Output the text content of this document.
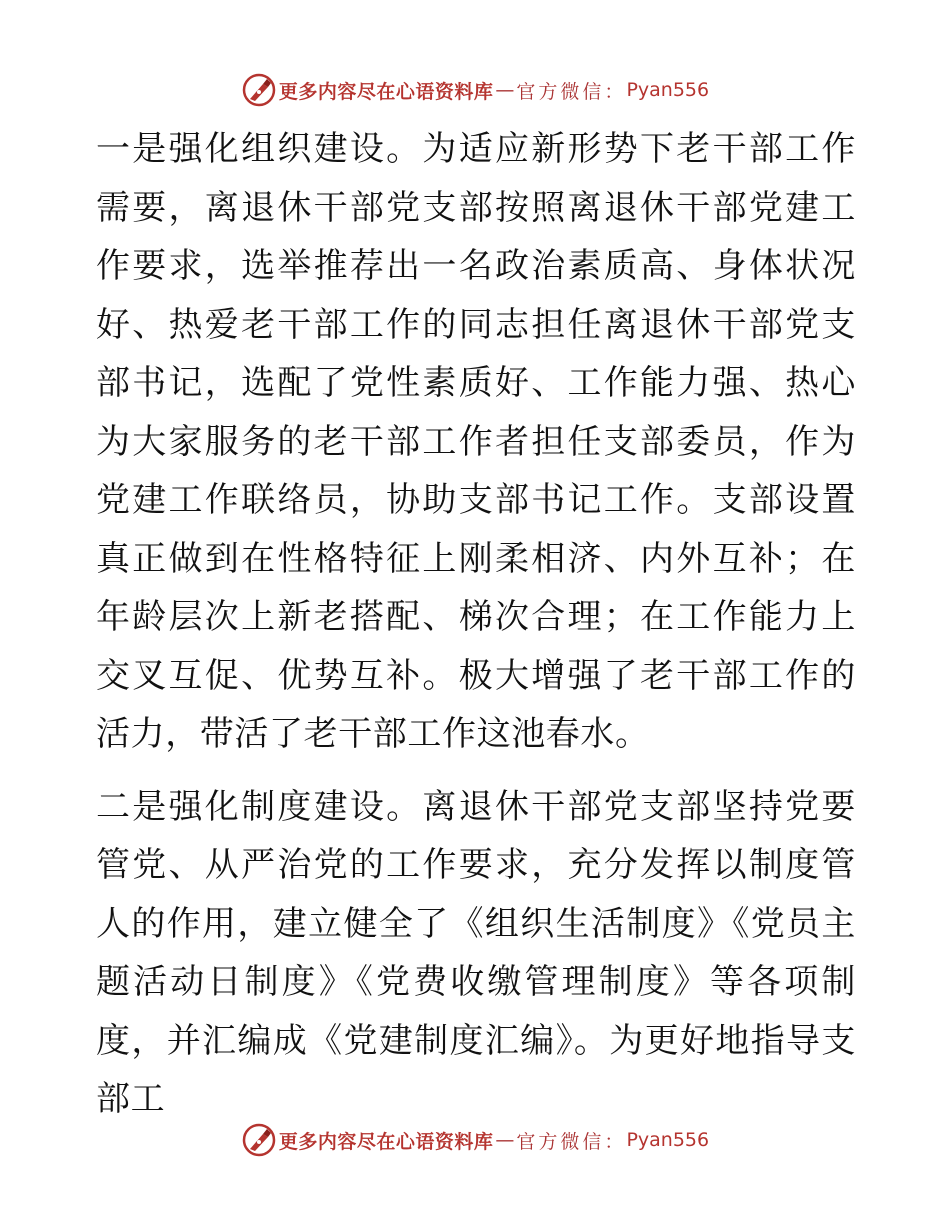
更多内容尽在心语资料库 — 官方微信： Pyan556

一是强化组织建设。为适应新形势下老干部工作需要，离退休干部党支部按照离退休干部党建工作要求，选举推荐出一名政治素质高、身体状况好、热爱老干部工作的同志担任离退休干部党支部书记，选配了党性素质好、工作能力强、热心为大家服务的老干部工作者担任支部委员，作为党建工作联络员，协助支部书记工作。支部设置真正做到在性格特征上刚柔相济、内外互补；在年龄层次上新老搭配、梯次合理；在工作能力上交叉互促、优势互补。极大增强了老干部工作的活力，带活了老干部工作这池春水。

二是强化制度建设。离退休干部党支部坚持党要管党、从严治党的工作要求，充分发挥以制度管人的作用，建立健全了《组织生活制度》《党员主题活动日制度》《党费收缴管理制度》等各项制度，并汇编成《党建制度汇编》。为更好地指导支部工

更多内容尽在心语资料库 — 官方微信： Pyan556
